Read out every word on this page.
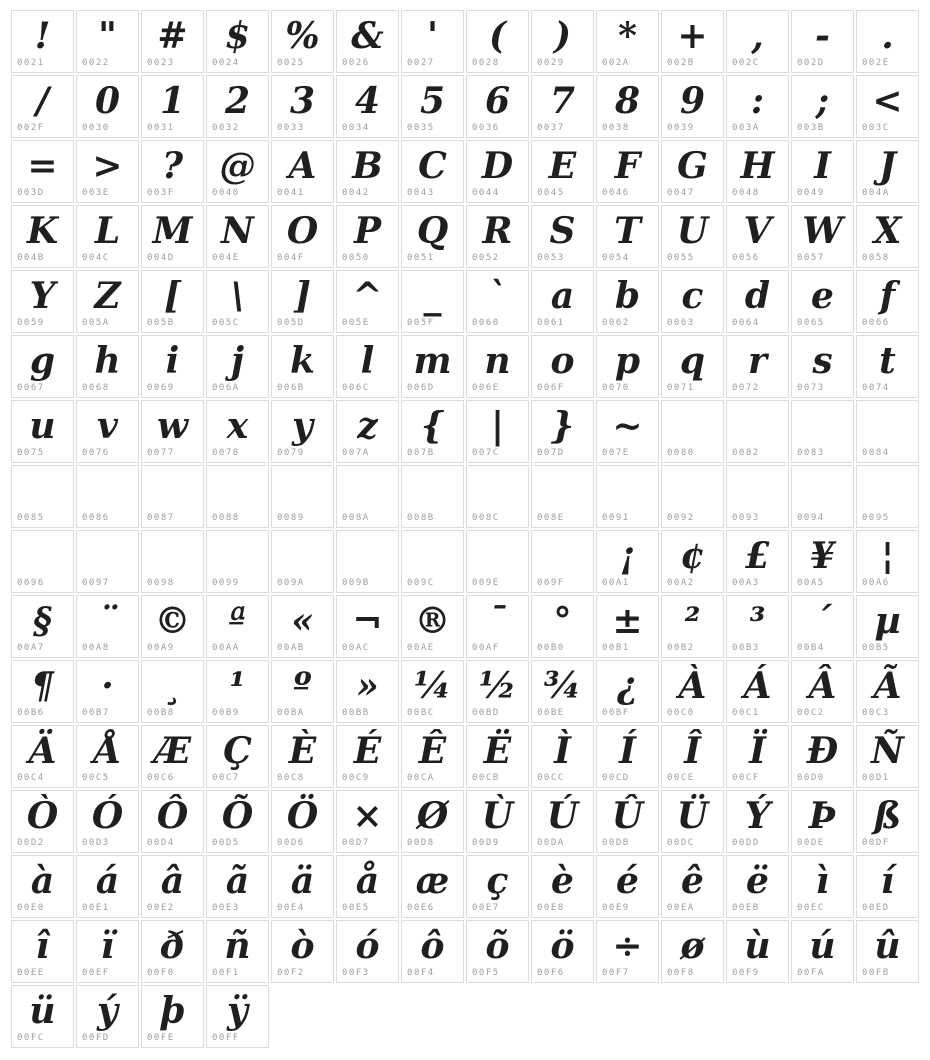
!
0021
"
0022
#
0023
$
0024
%
0025
&
0026
'
0027
(
0028
)
0029
*
002A
+
002B
,
002C
-
002D
.
002E
/
002F
0
0030
1
0031
2
0032
3
0033
4
0034
5
0035
6
0036
7
0037
8
0038
9
0039
:
003A
;
003B
<
003C
=
003D
>
003E
?
003F
@
0040
A
0041
B
0042
C
0043
D
0044
E
0045
F
0046
G
0047
H
0048
I
0049
J
004A
K
004B
L
004C
M
004D
N
004E
O
004F
P
0050
Q
0051
R
0052
S
0053
T
0054
U
0055
V
0056
W
0057
X
0058
Y
0059
Z
005A
[
005B
\
005C
]
005D
^
005E
_
005F
`
0060
a
0061
b
0062
c
0063
d
0064
e
0065
f
0066
g
0067
h
0068
i
0069
j
006A
k
006B
l
006C
m
006D
n
006E
o
006F
p
0070
q
0071
r
0072
s
0073
t
0074
u
0075
v
0076
w
0077
x
0078
y
0079
z
007A
{
007B
|
007C
}
007D
~
007E	0080	0082	0083	0084
0085	0086	0087	0088	0089	008A	008B	008C	008E	0091	0092	0093	0094	0095
0096	0097	0098	0099	009A	009B	009C	009E	009F
¡
00A1
¢
00A2
£
00A3
¥
00A5
¦
00A6
§
00A7
¨
00A8
©
00A9
ª
00AA
«
00AB
¬
00AC
®
00AE
¯
00AF
°
00B0
±
00B1
²
00B2
³
00B3
´
00B4
µ
00B5
¶
00B6
·
00B7
¸
00B8
¹
00B9
º
00BA
»
00BB
¼
00BC
½
00BD
¾
00BE
¿
00BF
À
00C0
Á
00C1
Â
00C2
Ã
00C3
Ä
00C4
Å
00C5
Æ
00C6
Ç
00C7
È
00C8
É
00C9
Ê
00CA
Ë
00CB
Ì
00CC
Í
00CD
Î
00CE
Ï
00CF
Ð
00D0
Ñ
00D1
Ò
00D2
Ó
00D3
Ô
00D4
Õ
00D5
Ö
00D6
×
00D7
Ø
00D8
Ù
00D9
Ú
00DA
Û
00DB
Ü
00DC
Ý
00DD
Þ
00DE
ß
00DF
à
00E0
á
00E1
â
00E2
ã
00E3
ä
00E4
å
00E5
æ
00E6
ç
00E7
è
00E8
é
00E9
ê
00EA
ë
00EB
ì
00EC
í
00ED
î
00EE
ï
00EF
ð
00F0
ñ
00F1
ò
00F2
ó
00F3
ô
00F4
õ
00F5
ö
00F6
÷
00F7
ø
00F8
ù
00F9
ú
00FA
û
00FB
ü
00FC
ý
00FD
þ
00FE
ÿ
00FF
